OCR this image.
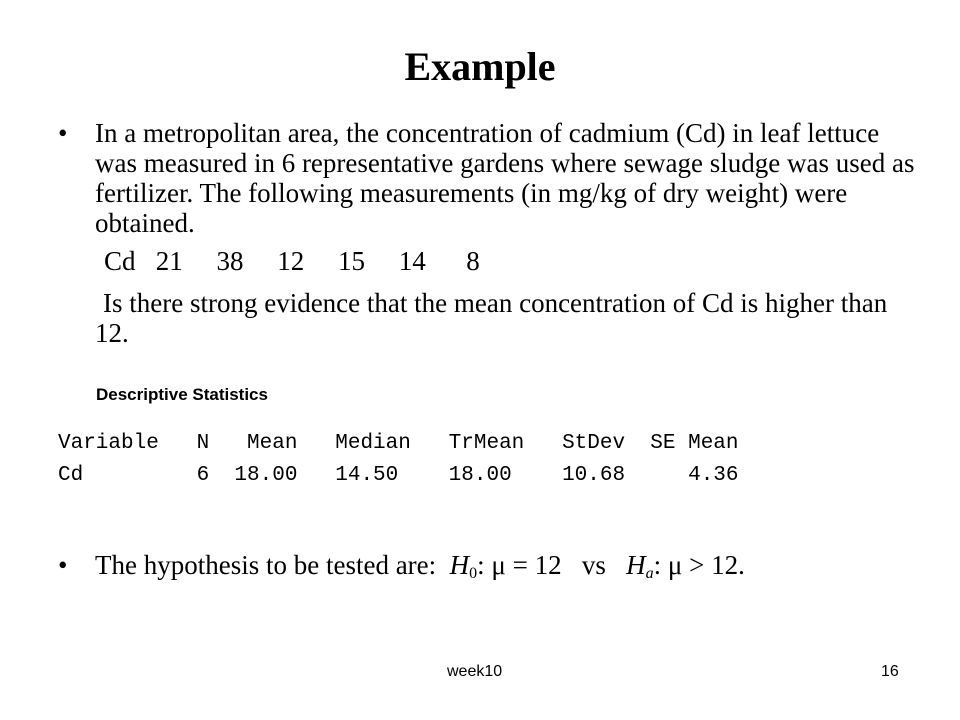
Example
• In a metropolitan area, the concentration of cadmium (Cd) in leaf lettuce was measured in 6 representative gardens where sewage sludge was used as fertilizer. The following measurements (in mg/kg of dry weight) were obtained.
Cd   21     38     12     15     14      8
Is there strong evidence that the mean concentration of Cd is higher than 12.
Descriptive Statistics
Variable   N   Mean   Median   TrMean   StDev  SE Mean
Cd         6  18.00   14.50    18.00    10.68     4.36
• The hypothesis to be tested are:  $H_0$: μ = 12   vs   $H_a$: μ > 12.
week10	16
